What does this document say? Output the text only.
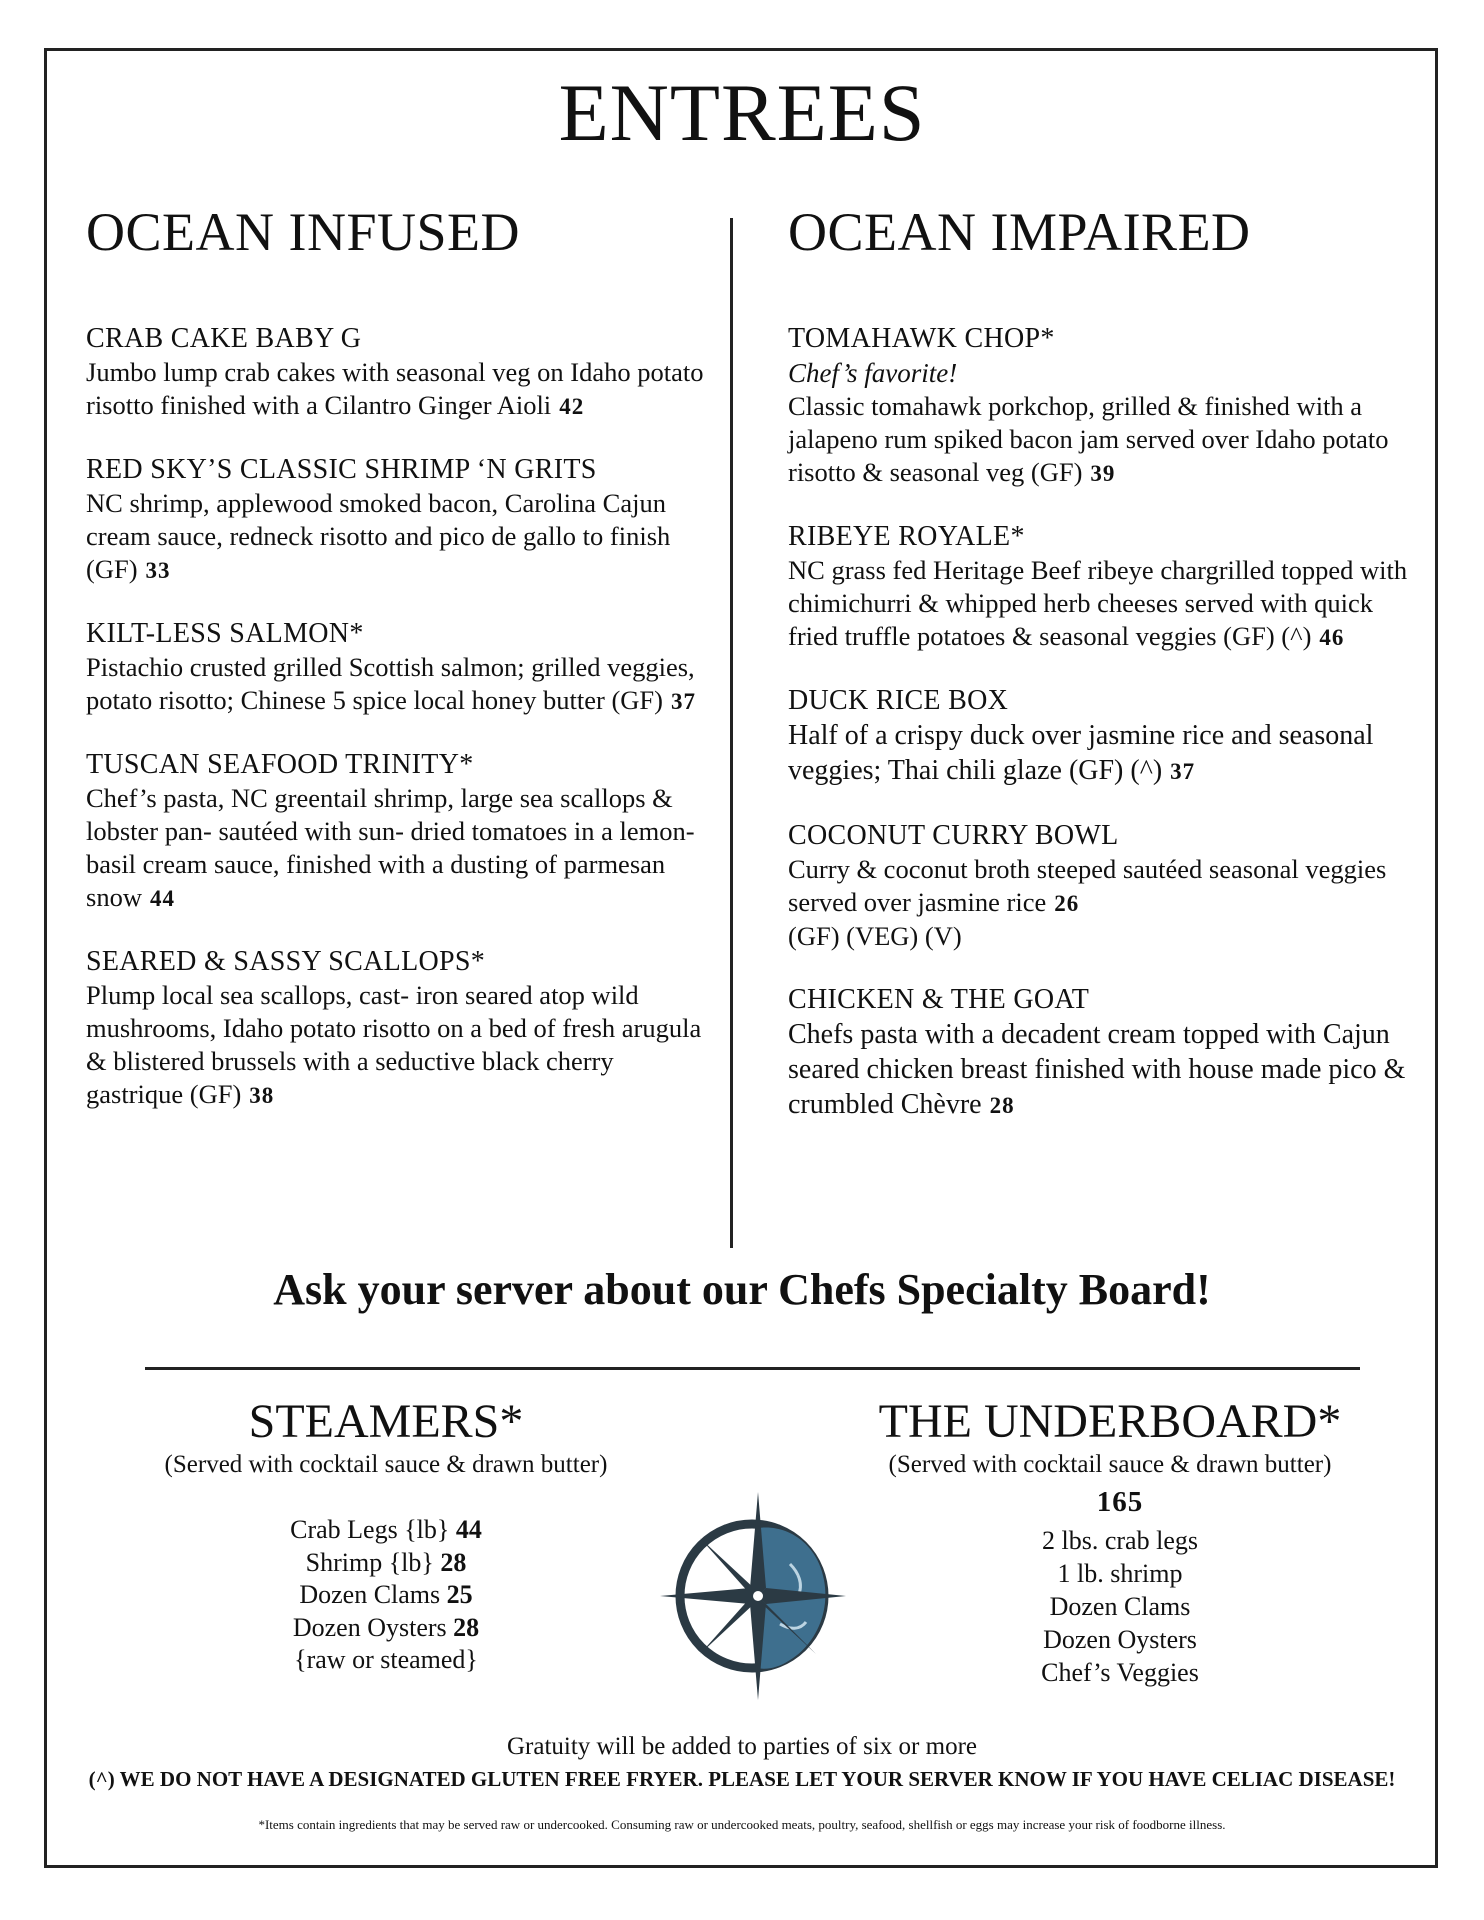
ENTREES
OCEAN INFUSED	OCEAN IMPAIRED
CRAB CAKE BABY G
Jumbo lump crab cakes with seasonal veg on Idaho potato risotto finished with a Cilantro Ginger Aioli 42
RED SKY’S CLASSIC SHRIMP ‘N GRITS
NC shrimp, applewood smoked bacon, Carolina Cajun cream sauce, redneck risotto and pico de gallo to finish (GF) 33
KILT-LESS SALMON*
Pistachio crusted grilled Scottish salmon; grilled veggies, potato risotto; Chinese 5 spice local honey butter (GF) 37
TUSCAN SEAFOOD TRINITY*
Chef’s pasta, NC greentail shrimp, large sea scallops & lobster pan- sautéed with sun- dried tomatoes in a lemon- basil cream sauce, finished with a dusting of parmesan snow 44
SEARED & SASSY SCALLOPS*
Plump local sea scallops, cast- iron seared atop wild mushrooms, Idaho potato risotto on a bed of fresh arugula & blistered brussels with a seductive black cherry gastrique (GF) 38
TOMAHAWK CHOP*
Chef’s favorite!
Classic tomahawk porkchop, grilled & finished with a jalapeno rum spiked bacon jam served over Idaho potato risotto & seasonal veg (GF) 39
RIBEYE ROYALE*
NC grass fed Heritage Beef ribeye chargrilled topped with chimichurri & whipped herb cheeses served with quick fried truffle potatoes & seasonal veggies (GF) (^) 46
DUCK RICE BOX
Half of a crispy duck over jasmine rice and seasonal veggies; Thai chili glaze (GF) (^) 37
COCONUT CURRY BOWL
Curry & coconut broth steeped sautéed seasonal veggies served over jasmine rice 26
(GF) (VEG) (V)
CHICKEN & THE GOAT
Chefs pasta with a decadent cream topped with Cajun seared chicken breast finished with house made pico & crumbled Chèvre 28
Ask your server about our Chefs Specialty Board!
STEAMERS*
(Served with cocktail sauce & drawn butter)
Crab Legs {lb} 44
Shrimp {lb} 28
Dozen Clams 25
Dozen Oysters 28
{raw or steamed}
THE UNDERBOARD*
(Served with cocktail sauce & drawn butter)
165
2 lbs. crab legs
1 lb. shrimp
Dozen Clams
Dozen Oysters
Chef’s Veggies
Gratuity will be added to parties of six or more
(^) WE DO NOT HAVE A DESIGNATED GLUTEN FREE FRYER. PLEASE LET YOUR SERVER KNOW IF YOU HAVE CELIAC DISEASE!
*Items contain ingredients that may be served raw or undercooked. Consuming raw or undercooked meats, poultry, seafood, shellfish or eggs may increase your risk of foodborne illness.
